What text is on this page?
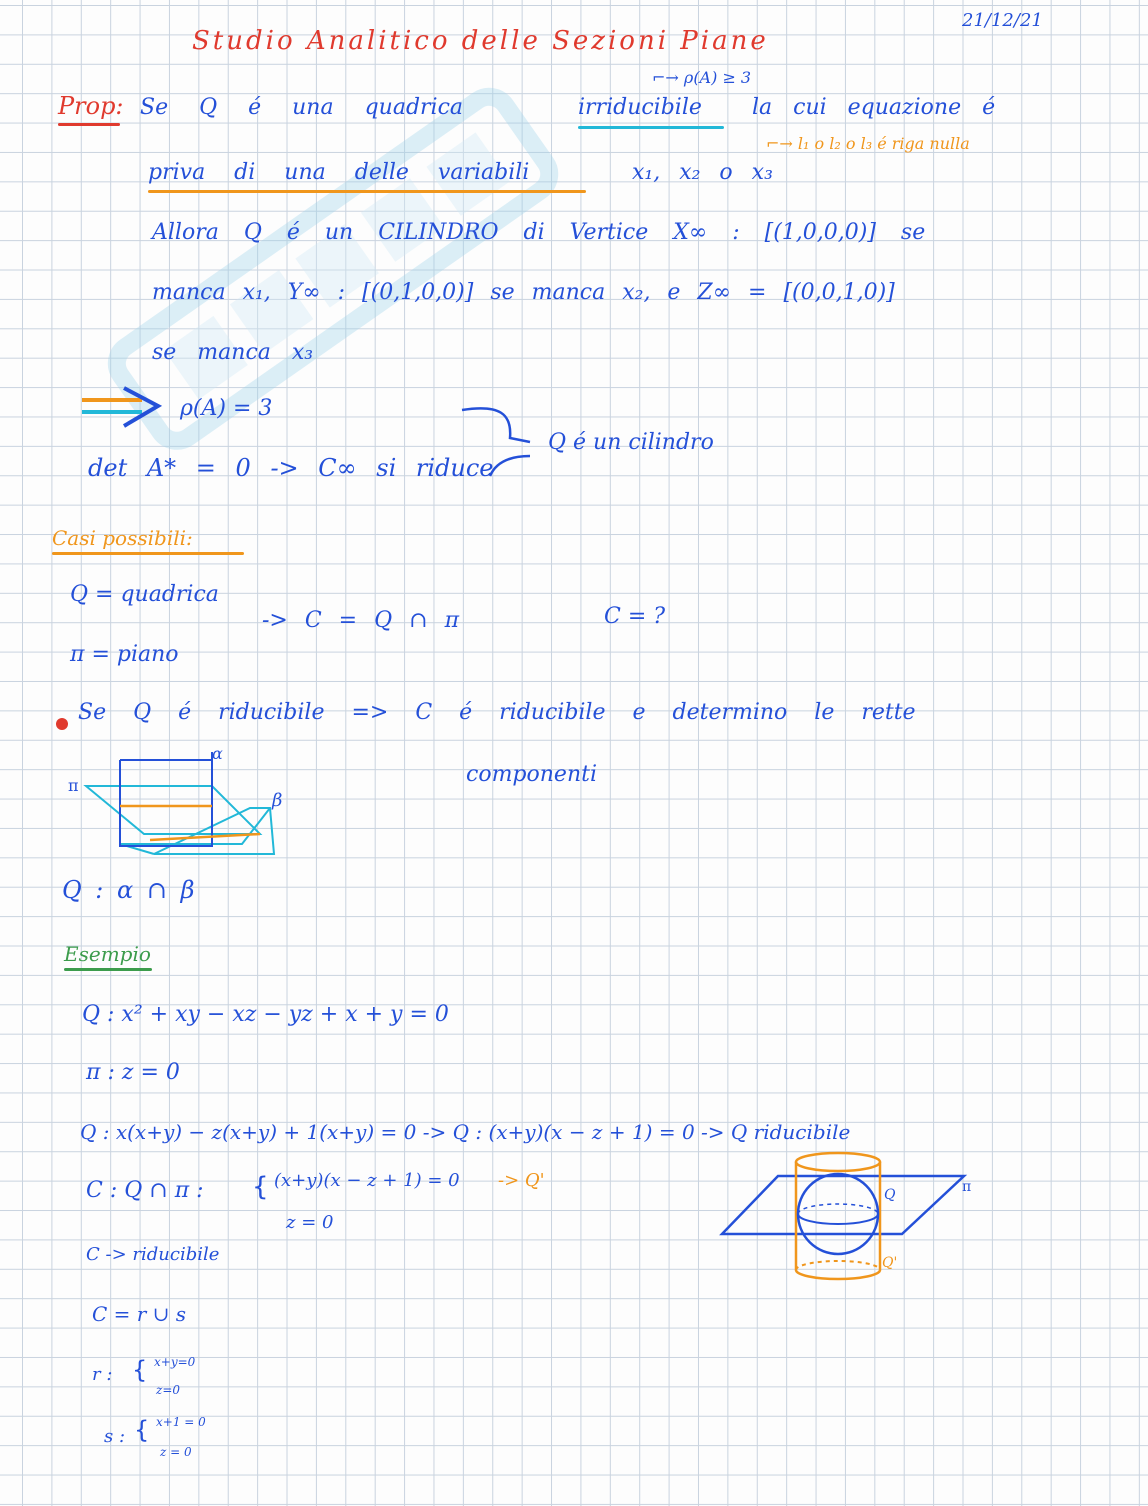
21/12/21
Studio Analitico delle Sezioni Piane
Prop: Se Q é una quadrica	irriducibile la cui equazione é
⌐→ ρ(A) ≥ 3
⌐→ l₁ o l₂ o l₃ é riga nulla
priva di una delle variabili	x₁, x₂ o x₃
Allora Q é un CILINDRO di Vertice X∞ : [(1,0,0,0)] se
manca x₁, Y∞ : [(0,1,0,0)] se manca x₂, e Z∞ = [(0,0,1,0)]
se manca x₃
ρ(A) = 3
Q é un cilindro
det A* = 0 -> C∞ si riduce
Casi possibili:
Q = quadrica
-> C = Q ∩ π	C = ?
π = piano
Se Q é riducibile => C é riducibile e determino le rette
componenti
π
α
β
Q : α ∩ β
Esempio
Q : x² + xy − xz − yz + x + y = 0
π : z = 0
Q : x(x+y) − z(x+y) + 1(x+y) = 0 -> Q : (x+y)(x − z + 1) = 0 -> Q riducibile
C : Q ∩ π : { (x+y)(x − z + 1) = 0 -> Q'
z = 0
C -> riducibile
C = r ∪ s
r : { x+y=0
z=0
s : { x+1 = 0
z = 0
Q
Q'
π
